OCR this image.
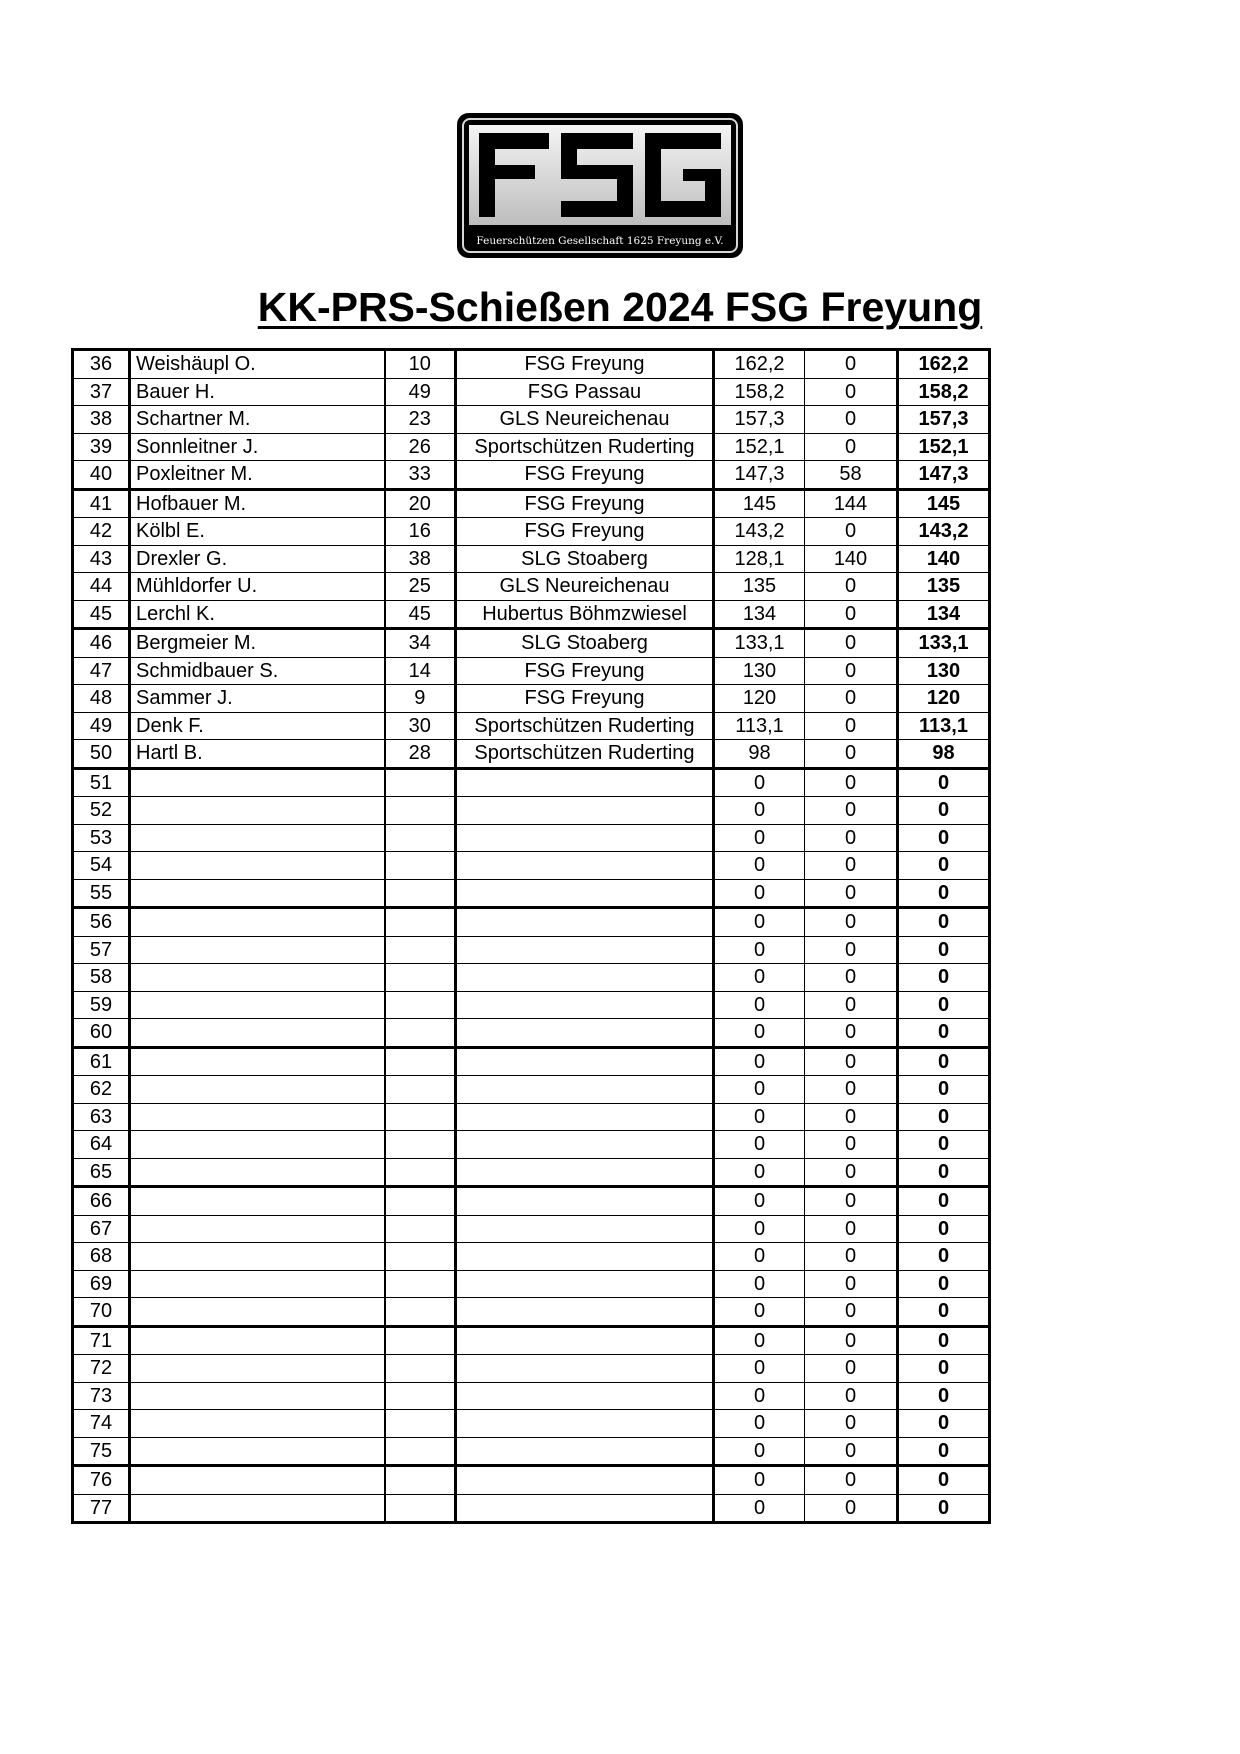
Feuerschützen Gesellschaft 1625 Freyung e.V.
KK-PRS-Schießen 2024 FSG Freyung
36	Weishäupl O.	10	FSG Freyung	162,2	0	162,2
37	Bauer H.	49	FSG Passau	158,2	0	158,2
38	Schartner M.	23	GLS Neureichenau	157,3	0	157,3
39	Sonnleitner J.	26	Sportschützen Ruderting	152,1	0	152,1
40	Poxleitner M.	33	FSG Freyung	147,3	58	147,3
41	Hofbauer M.	20	FSG Freyung	145	144	145
42	Kölbl E.	16	FSG Freyung	143,2	0	143,2
43	Drexler G.	38	SLG Stoaberg	128,1	140	140
44	Mühldorfer U.	25	GLS Neureichenau	135	0	135
45	Lerchl K.	45	Hubertus Böhmzwiesel	134	0	134
46	Bergmeier M.	34	SLG Stoaberg	133,1	0	133,1
47	Schmidbauer S.	14	FSG Freyung	130	0	130
48	Sammer J.	9	FSG Freyung	120	0	120
49	Denk F.	30	Sportschützen Ruderting	113,1	0	113,1
50	Hartl B.	28	Sportschützen Ruderting	98	0	98
51				0	0	0
52				0	0	0
53				0	0	0
54				0	0	0
55				0	0	0
56				0	0	0
57				0	0	0
58				0	0	0
59				0	0	0
60				0	0	0
61				0	0	0
62				0	0	0
63				0	0	0
64				0	0	0
65				0	0	0
66				0	0	0
67				0	0	0
68				0	0	0
69				0	0	0
70				0	0	0
71				0	0	0
72				0	0	0
73				0	0	0
74				0	0	0
75				0	0	0
76				0	0	0
77				0	0	0
